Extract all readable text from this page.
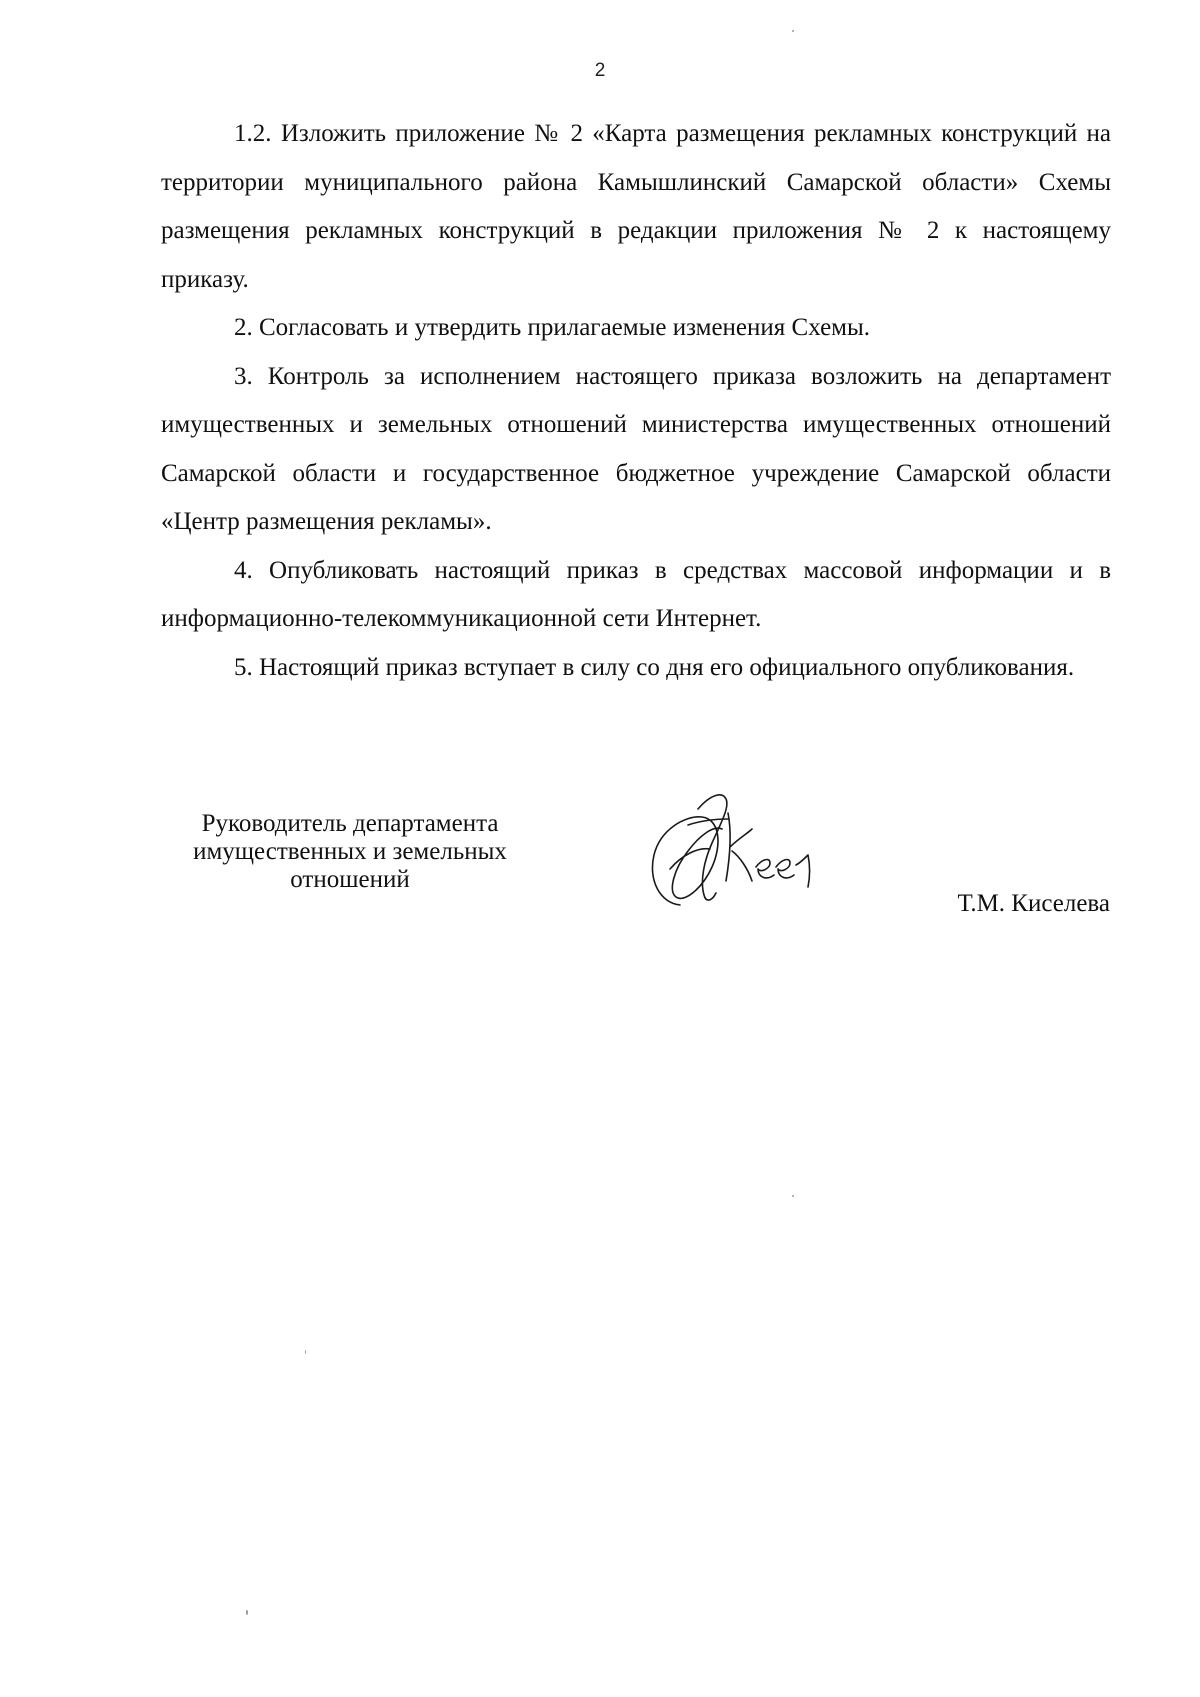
2

1.2. Изложить приложение № 2 «Карта размещения рекламных конструкций на территории муниципального района Камышлинский Самарской области» Схемы размещения рекламных конструкций в редакции приложения № 2 к настоящему приказу.

2. Согласовать и утвердить прилагаемые изменения Схемы.

3. Контроль за исполнением настоящего приказа возложить на департамент имущественных и земельных отношений министерства имущественных отношений Самарской области и государственное бюджетное учреждение Самарской области «Центр размещения рекламы».

4. Опубликовать настоящий приказ в средствах массовой информации и в информационно-телекоммуникационной сети Интернет.

5. Настоящий приказ вступает в силу со дня его официального опубликования.

Руководитель департамента
имущественных и земельных
отношений
Т.М. Киселева
